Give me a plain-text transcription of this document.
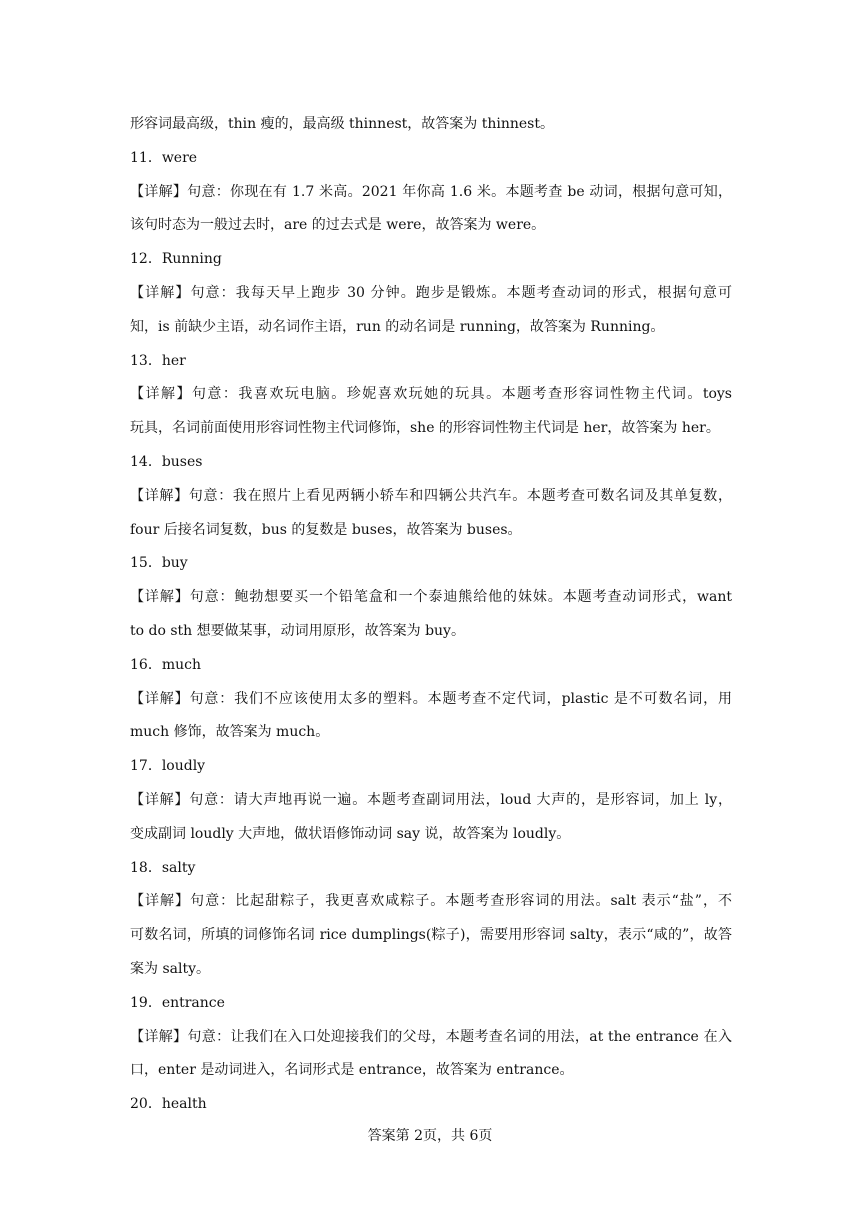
形容词最高级，thin 瘦的，最高级 thinnest，故答案为 thinnest。
11．were
【详解】句意：你现在有 1.7 米高。2021 年你高 1.6 米。本题考查 be 动词，根据句意可知，
该句时态为一般过去时，are 的过去式是 were，故答案为 were。
12．Running
【详解】句意：我每天早上跑步 30 分钟。跑步是锻炼。本题考查动词的形式，根据句意可
知，is 前缺少主语，动名词作主语，run 的动名词是 running，故答案为 Running。
13．her
【详解】句意：我喜欢玩电脑。珍妮喜欢玩她的玩具。本题考查形容词性物主代词。toys
玩具，名词前面使用形容词性物主代词修饰，she 的形容词性物主代词是 her，故答案为 her。
14．buses
【详解】句意：我在照片上看见两辆小轿车和四辆公共汽车。本题考查可数名词及其单复数，
four 后接名词复数，bus 的复数是 buses，故答案为 buses。
15．buy
【详解】句意：鲍勃想要买一个铅笔盒和一个泰迪熊给他的妹妹。本题考查动词形式，want
to do sth 想要做某事，动词用原形，故答案为 buy。
16．much
【详解】句意：我们不应该使用太多的塑料。本题考查不定代词，plastic 是不可数名词，用
much 修饰，故答案为 much。
17．loudly
【详解】句意：请大声地再说一遍。本题考查副词用法，loud 大声的，是形容词，加上 ly，
变成副词 loudly 大声地，做状语修饰动词 say 说，故答案为 loudly。
18．salty
【详解】句意：比起甜粽子，我更喜欢咸粽子。本题考查形容词的用法。salt 表示“盐”，不
可数名词，所填的词修饰名词 rice dumplings(粽子)，需要用形容词 salty，表示“咸的”，故答
案为 salty。
19．entrance
【详解】句意：让我们在入口处迎接我们的父母，本题考查名词的用法，at the entrance 在入
口，enter 是动词进入，名词形式是 entrance，故答案为 entrance。
20．health
答案第 2页，共 6页
